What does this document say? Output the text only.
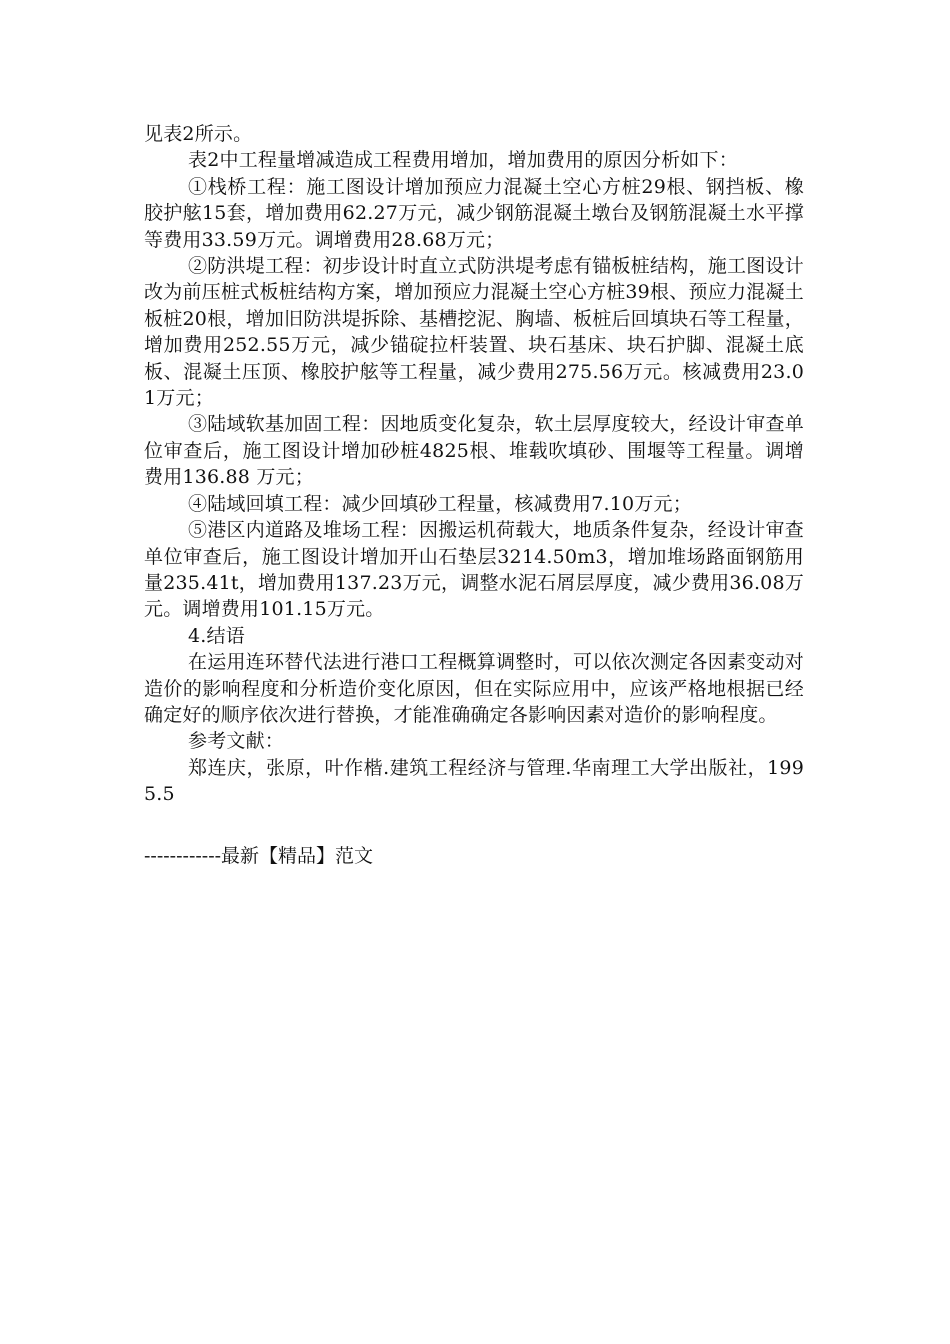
见表2所示。

表2中工程量增减造成工程费用增加，增加费用的原因分析如下：

①栈桥工程：施工图设计增加预应力混凝土空心方桩29根、钢挡板、橡胶护舷15套，增加费用62.27万元，减少钢筋混凝土墩台及钢筋混凝土水平撑等费用33.59万元。调增费用28.68万元；

②防洪堤工程：初步设计时直立式防洪堤考虑有锚板桩结构，施工图设计改为前压桩式板桩结构方案，增加预应力混凝土空心方桩39根、预应力混凝土板桩20根，增加旧防洪堤拆除、基槽挖泥、胸墙、板桩后回填块石等工程量，增加费用252.55万元，减少锚碇拉杆装置、块石基床、块石护脚、混凝土底板、混凝土压顶、橡胶护舷等工程量，减少费用275.56万元。核减费用23.01万元；

③陆域软基加固工程：因地质变化复杂，软土层厚度较大，经设计审查单位审查后，施工图设计增加砂桩4825根、堆载吹填砂、围堰等工程量。调增费用136.88 万元；

④陆域回填工程：减少回填砂工程量，核减费用7.10万元；

⑤港区内道路及堆场工程：因搬运机荷载大，地质条件复杂，经设计审查单位审查后，施工图设计增加开山石垫层3214.50m3，增加堆场路面钢筋用量235.41t，增加费用137.23万元，调整水泥石屑层厚度，减少费用36.08万元。调增费用101.15万元。

4.结语

在运用连环替代法进行港口工程概算调整时，可以依次测定各因素变动对造价的影响程度和分析造价变化原因，但在实际应用中，应该严格地根据已经确定好的顺序依次进行替换，才能准确确定各影响因素对造价的影响程度。

参考文献：

郑连庆，张原，叶作楷.建筑工程经济与管理.华南理工大学出版社，1995.5

------------最新【精品】范文
